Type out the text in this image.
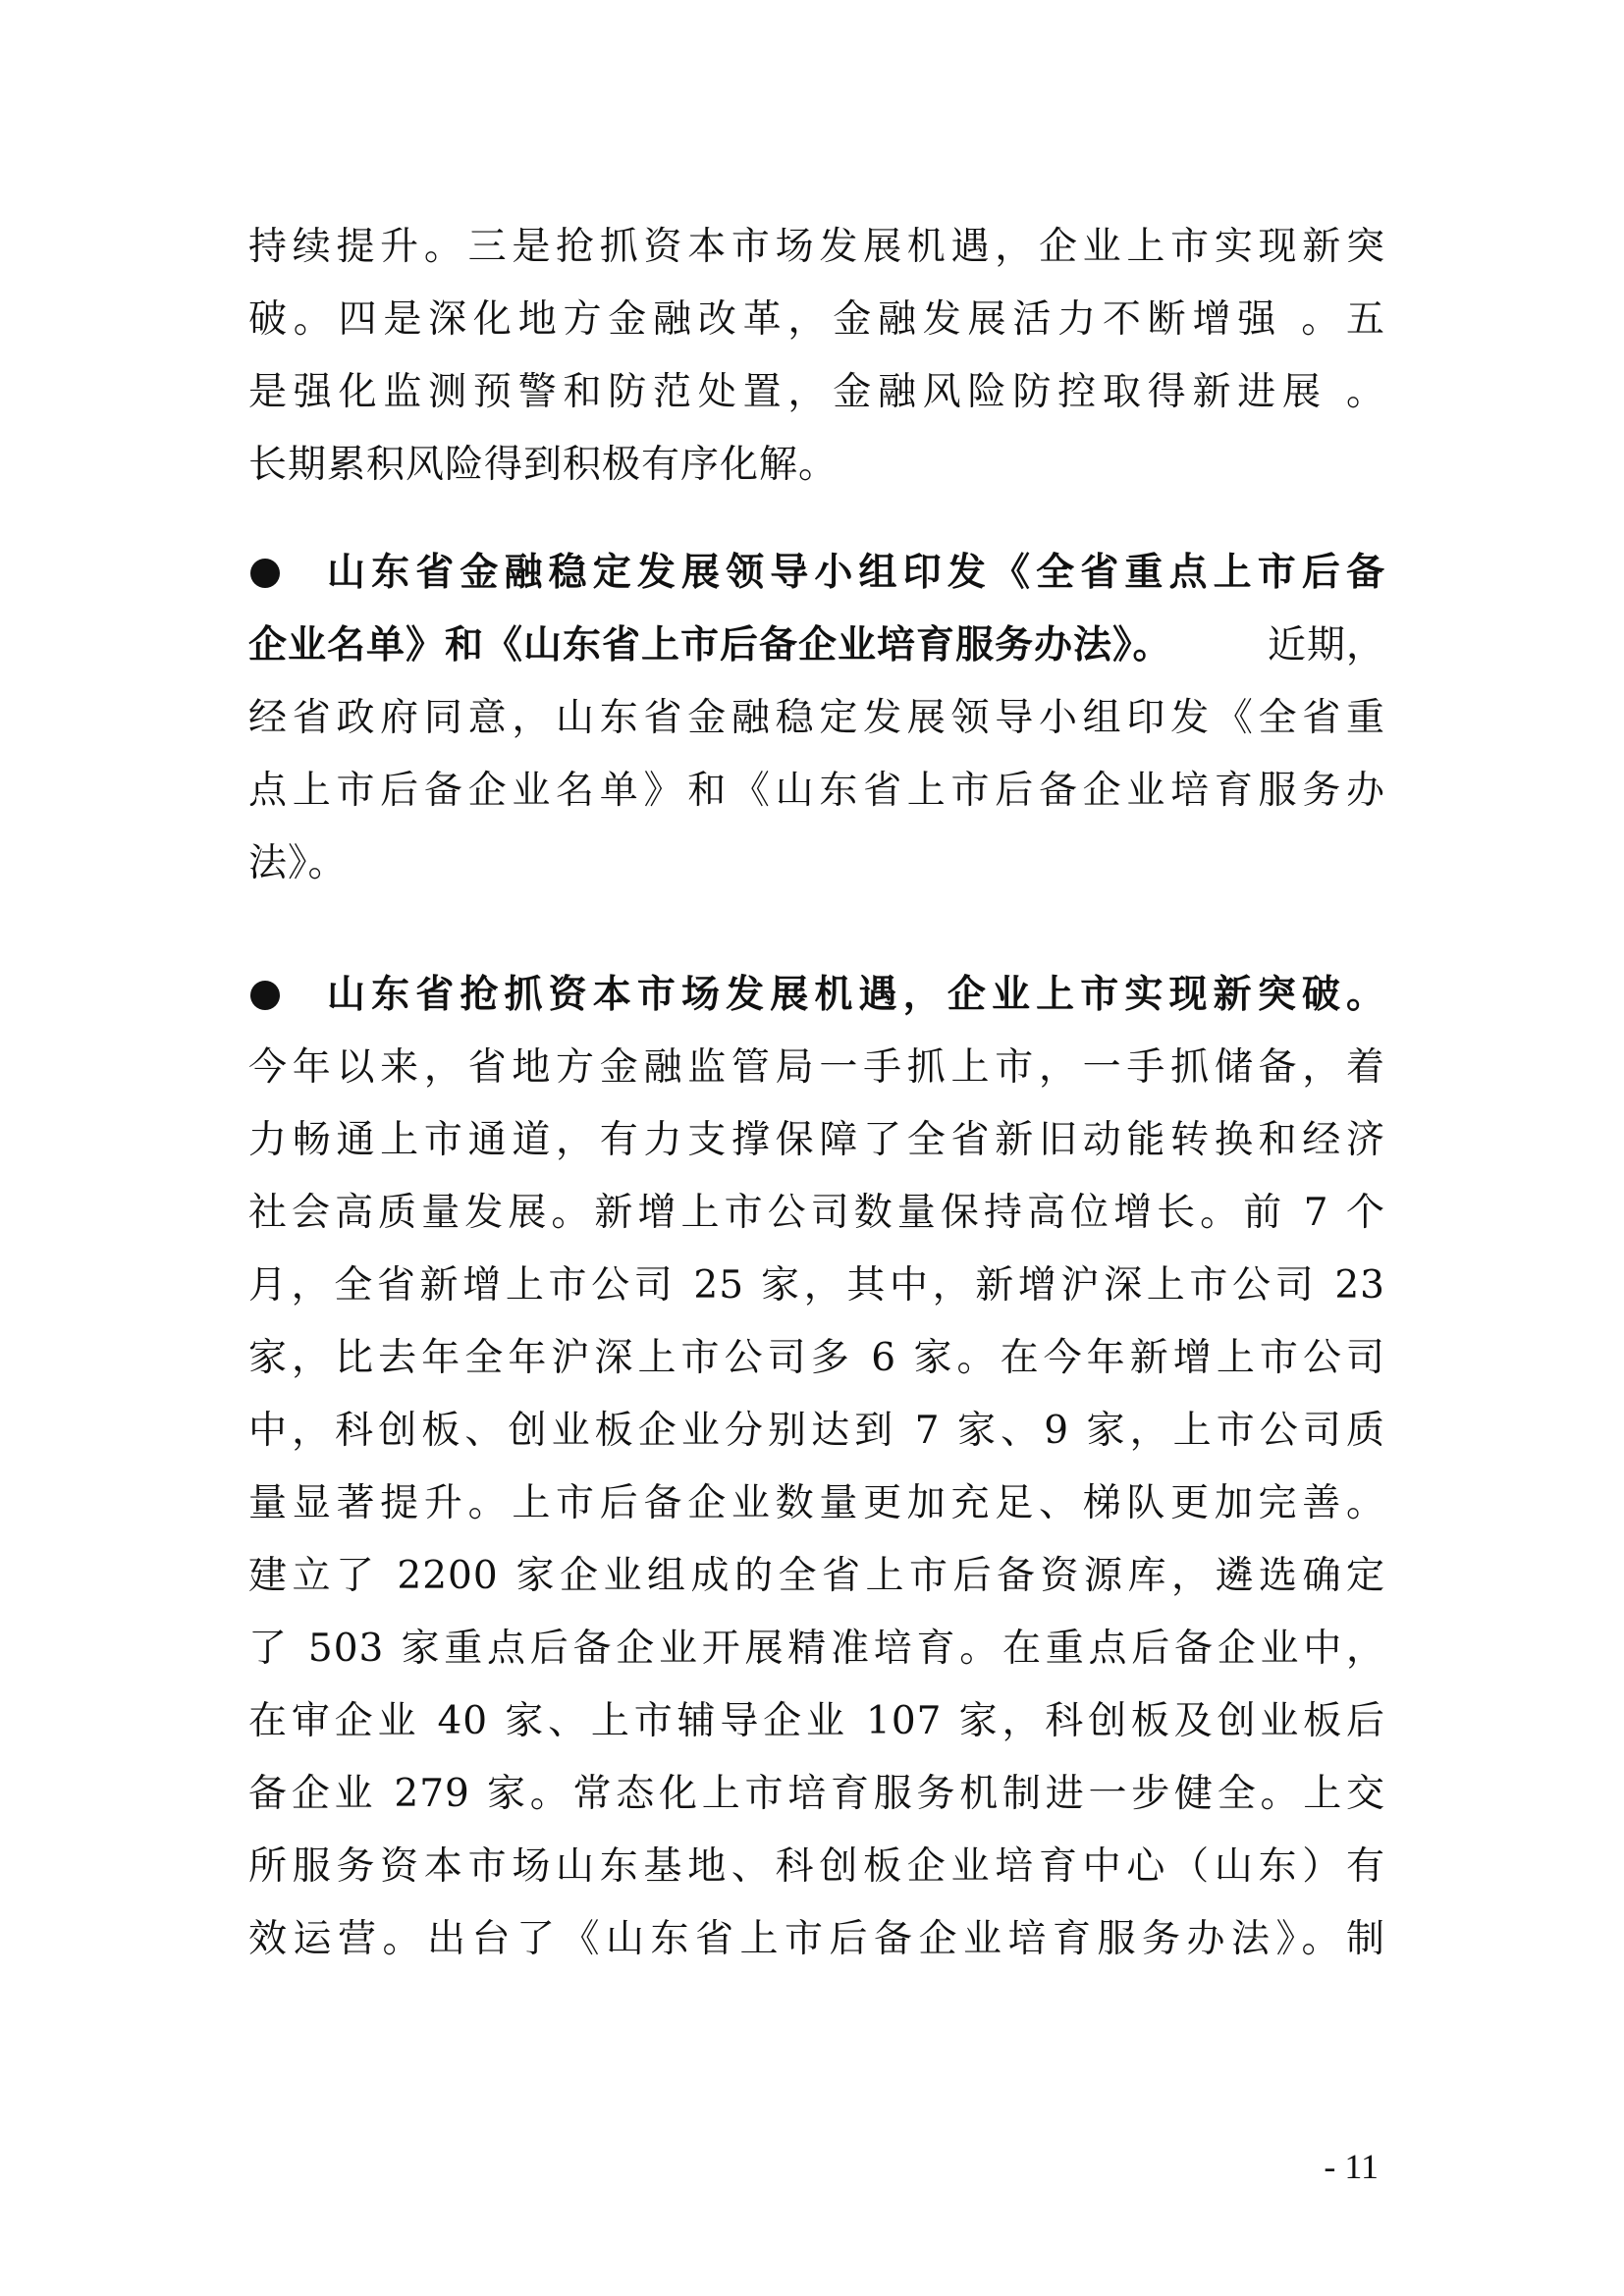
持续提升。三是抢抓资本市场发展机遇，企业上市实现新突
破。四是深化地方金融改革，金融发展活力不断增强 。五
是强化监测预警和防范处置，金融风险防控取得新进展 。
长期累积风险得到积极有序化解。
山东省金融稳定发展领导小组印发《全省重点上市后备
企业名单》和《山东省上市后备企业培育服务办法》。 近期，
经省政府同意，山东省金融稳定发展领导小组印发《全省重
点上市后备企业名单》和《山东省上市后备企业培育服务办
法》。
山东省抢抓资本市场发展机遇，企业上市实现新突破。
今年以来，省地方金融监管局一手抓上市，一手抓储备，着
力畅通上市通道，有力支撑保障了全省新旧动能转换和经济
社会高质量发展。新增上市公司数量保持高位增长。前 7 个
月，全省新增上市公司 25 家，其中，新增沪深上市公司 23
家，比去年全年沪深上市公司多 6 家。在今年新增上市公司
中，科创板、创业板企业分别达到 7 家、9 家，上市公司质
量显著提升。上市后备企业数量更加充足、梯队更加完善。
建立了 2200 家企业组成的全省上市后备资源库，遴选确定
了 503 家重点后备企业开展精准培育。在重点后备企业中，
在审企业 40 家、上市辅导企业 107 家，科创板及创业板后
备企业 279 家。常态化上市培育服务机制进一步健全。上交
所服务资本市场山东基地、科创板企业培育中心（山东）有
效运营。出台了《山东省上市后备企业培育服务办法》。制
- 11
